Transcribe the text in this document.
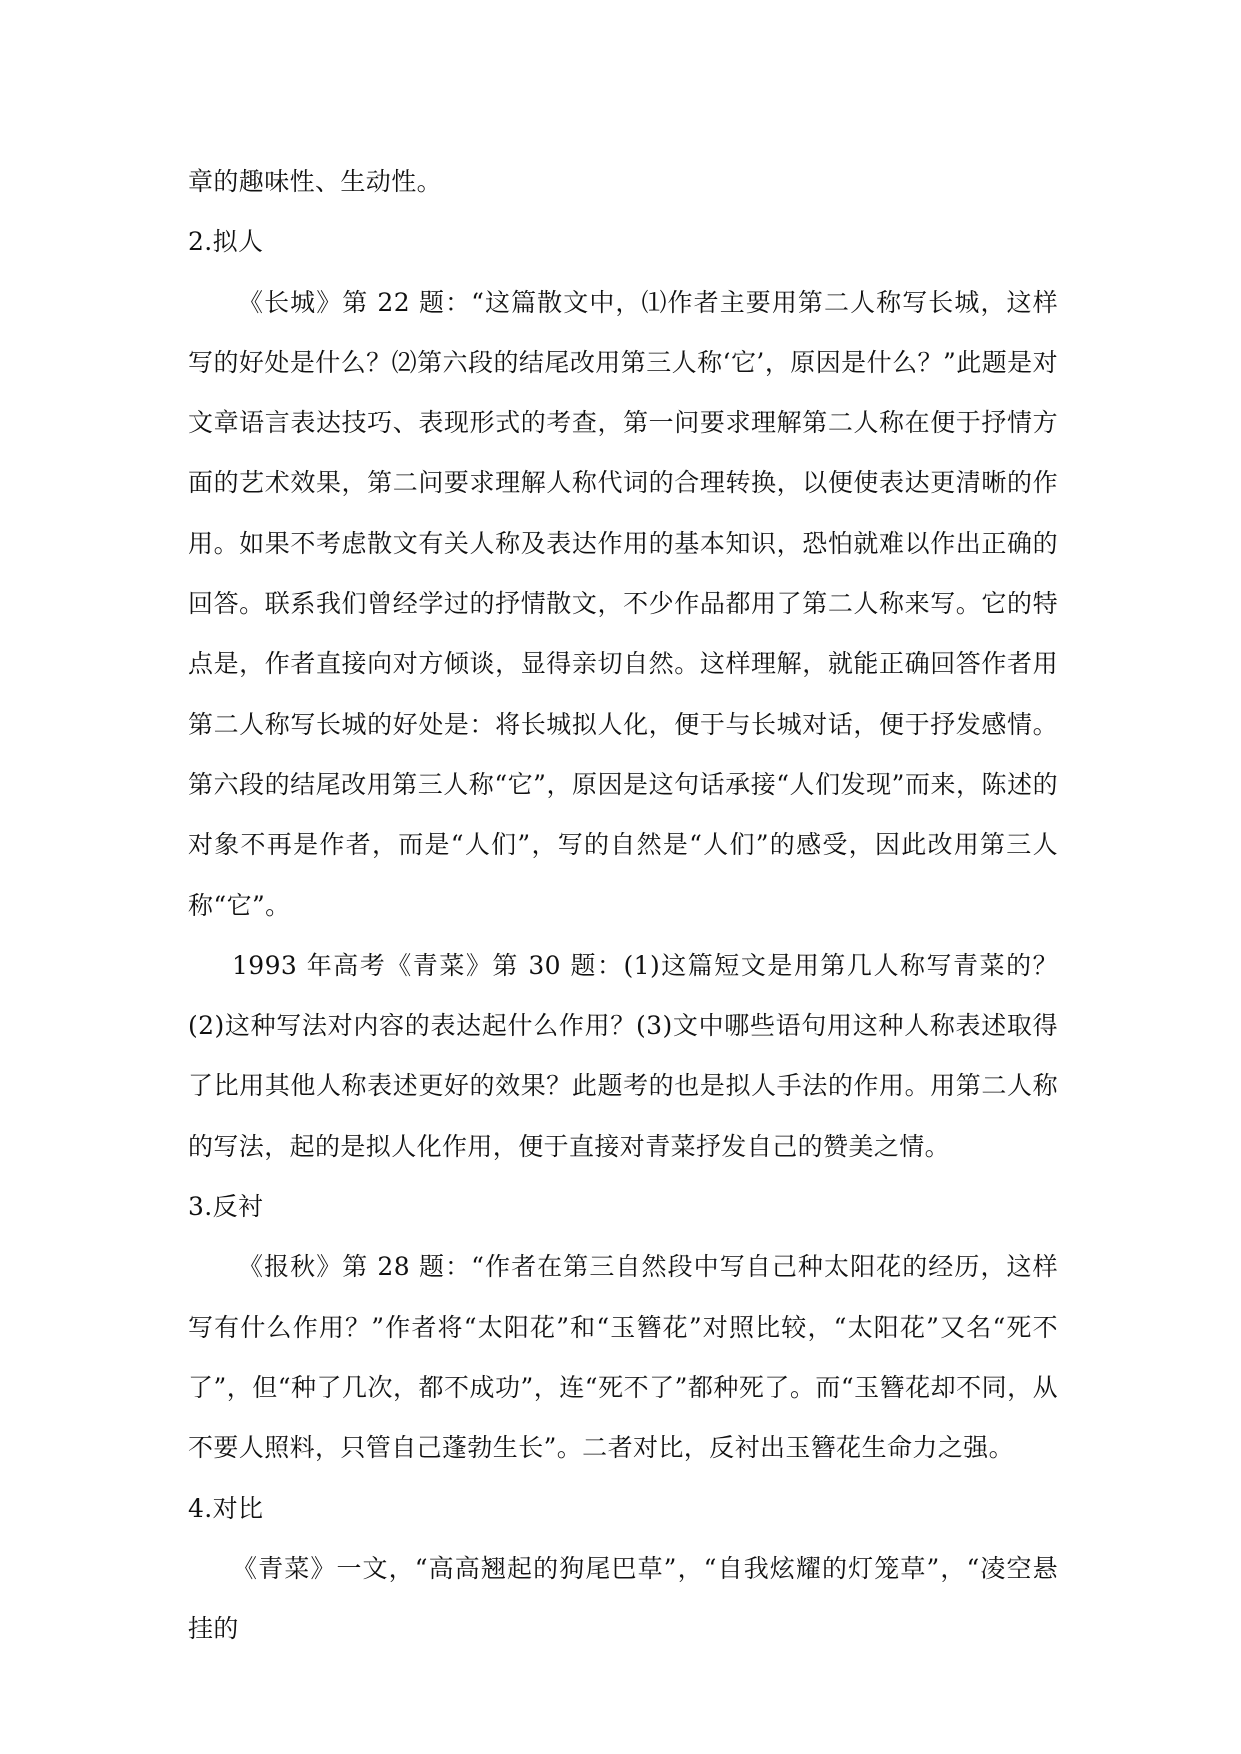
章的趣味性、生动性。

2.拟人

《长城》第 22 题：“这篇散文中，⑴作者主要用第二人称写长城，这样写的好处是什么？⑵第六段的结尾改用第三人称‘它’，原因是什么？”此题是对文章语言表达技巧、表现形式的考查，第一问要求理解第二人称在便于抒情方面的艺术效果，第二问要求理解人称代词的合理转换，以便使表达更清晰的作用。如果不考虑散文有关人称及表达作用的基本知识，恐怕就难以作出正确的回答。联系我们曾经学过的抒情散文，不少作品都用了第二人称来写。它的特点是，作者直接向对方倾谈，显得亲切自然。这样理解，就能正确回答作者用第二人称写长城的好处是：将长城拟人化，便于与长城对话，便于抒发感情。第六段的结尾改用第三人称“它”，原因是这句话承接“人们发现”而来，陈述的对象不再是作者，而是“人们”，写的自然是“人们”的感受，因此改用第三人称“它”。

1993 年高考《青菜》第 30 题：(1)这篇短文是用第几人称写青菜的？(2)这种写法对内容的表达起什么作用？(3)文中哪些语句用这种人称表述取得了比用其他人称表述更好的效果？此题考的也是拟人手法的作用。用第二人称的写法，起的是拟人化作用，便于直接对青菜抒发自己的赞美之情。

3.反衬

《报秋》第 28 题：“作者在第三自然段中写自己种太阳花的经历，这样写有什么作用？”作者将“太阳花”和“玉簪花”对照比较，“太阳花”又名“死不了”，但“种了几次，都不成功”，连“死不了”都种死了。而“玉簪花却不同，从不要人照料，只管自己蓬勃生长”。二者对比，反衬出玉簪花生命力之强。

4.对比

《青菜》一文，“高高翘起的狗尾巴草”，“自我炫耀的灯笼草”，“凌空悬挂的
